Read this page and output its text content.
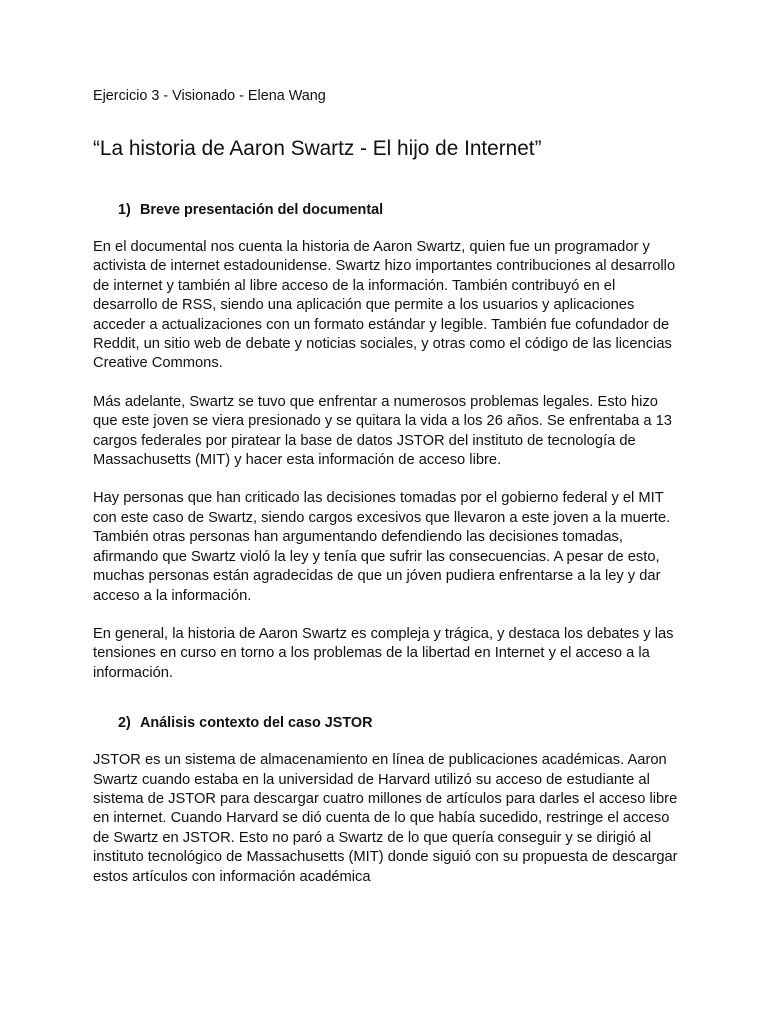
Ejercicio 3 - Visionado - Elena Wang

“La historia de Aaron Swartz - El hijo de Internet”
1) Breve presentación del documental

En el documental nos cuenta la historia de Aaron Swartz, quien fue un programador y activista de internet estadounidense. Swartz hizo importantes contribuciones al desarrollo de internet y también al libre acceso de la información. También contribuyó en el desarrollo de RSS, siendo una aplicación que permite a los usuarios y aplicaciones acceder a actualizaciones con un formato estándar y legible. También fue cofundador de Reddit, un sitio web de debate y noticias sociales, y otras como el código de las licencias Creative Commons.

Más adelante, Swartz se tuvo que enfrentar a numerosos problemas legales. Esto hizo que este joven se viera presionado y se quitara la vida a los 26 años. Se enfrentaba a 13 cargos federales por piratear la base de datos JSTOR del instituto de tecnología de Massachusetts (MIT) y hacer esta información de acceso libre.

Hay personas que han criticado las decisiones tomadas por el gobierno federal y el MIT con este caso de Swartz, siendo cargos excesivos que llevaron a este joven a la muerte. También otras personas han argumentando defendiendo las decisiones tomadas, afirmando que Swartz violó la ley y tenía que sufrir las consecuencias. A pesar de esto, muchas personas están agradecidas de que un jóven pudiera enfrentarse a la ley y dar acceso a la información.

En general, la historia de Aaron Swartz es compleja y trágica, y destaca los debates y las tensiones en curso en torno a los problemas de la libertad en Internet y el acceso a la información.

2) Análisis contexto del caso JSTOR

JSTOR es un sistema de almacenamiento en línea de publicaciones académicas. Aaron Swartz cuando estaba en la universidad de Harvard utilizó su acceso de estudiante al sistema de JSTOR para descargar cuatro millones de artículos para darles el acceso libre en internet. Cuando Harvard se dió cuenta de lo que había sucedido, restringe el acceso de Swartz en JSTOR. Esto no paró a Swartz de lo que quería conseguir y se dirigió al instituto tecnológico de Massachusetts (MIT) donde siguió con su propuesta de descargar estos artículos con información académica
